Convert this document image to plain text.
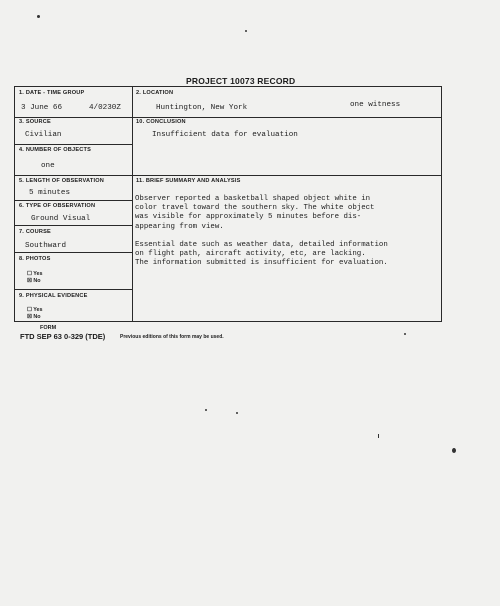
PROJECT 10073 RECORD
1. DATE - TIME GROUP
3 June 66	4/0230Z
3. SOURCE
Civilian
4. NUMBER OF OBJECTS
one
5. LENGTH OF OBSERVATION
5 minutes
6. TYPE OF OBSERVATION
Ground Visual
7. COURSE
Southward
8. PHOTOS
☐ Yes
☒ No
9. PHYSICAL EVIDENCE
☐ Yes
☒ No
2. LOCATION
Huntington, New York	one witness
10. CONCLUSION
Insufficient data for evaluation
11. BRIEF SUMMARY AND ANALYSIS

Observer reported a basketball shaped object white in
color travel toward the southern sky. The white object
was visible for approximately 5 minutes before dis-
appearing from view.

Essential date such as weather data, detailed information
on flight path, aircraft activity, etc, are lacking.
The information submitted is insufficient for evaluation.

FORM
FTD SEP 63 0-329 (TDE)	Previous editions of this form may be used.
